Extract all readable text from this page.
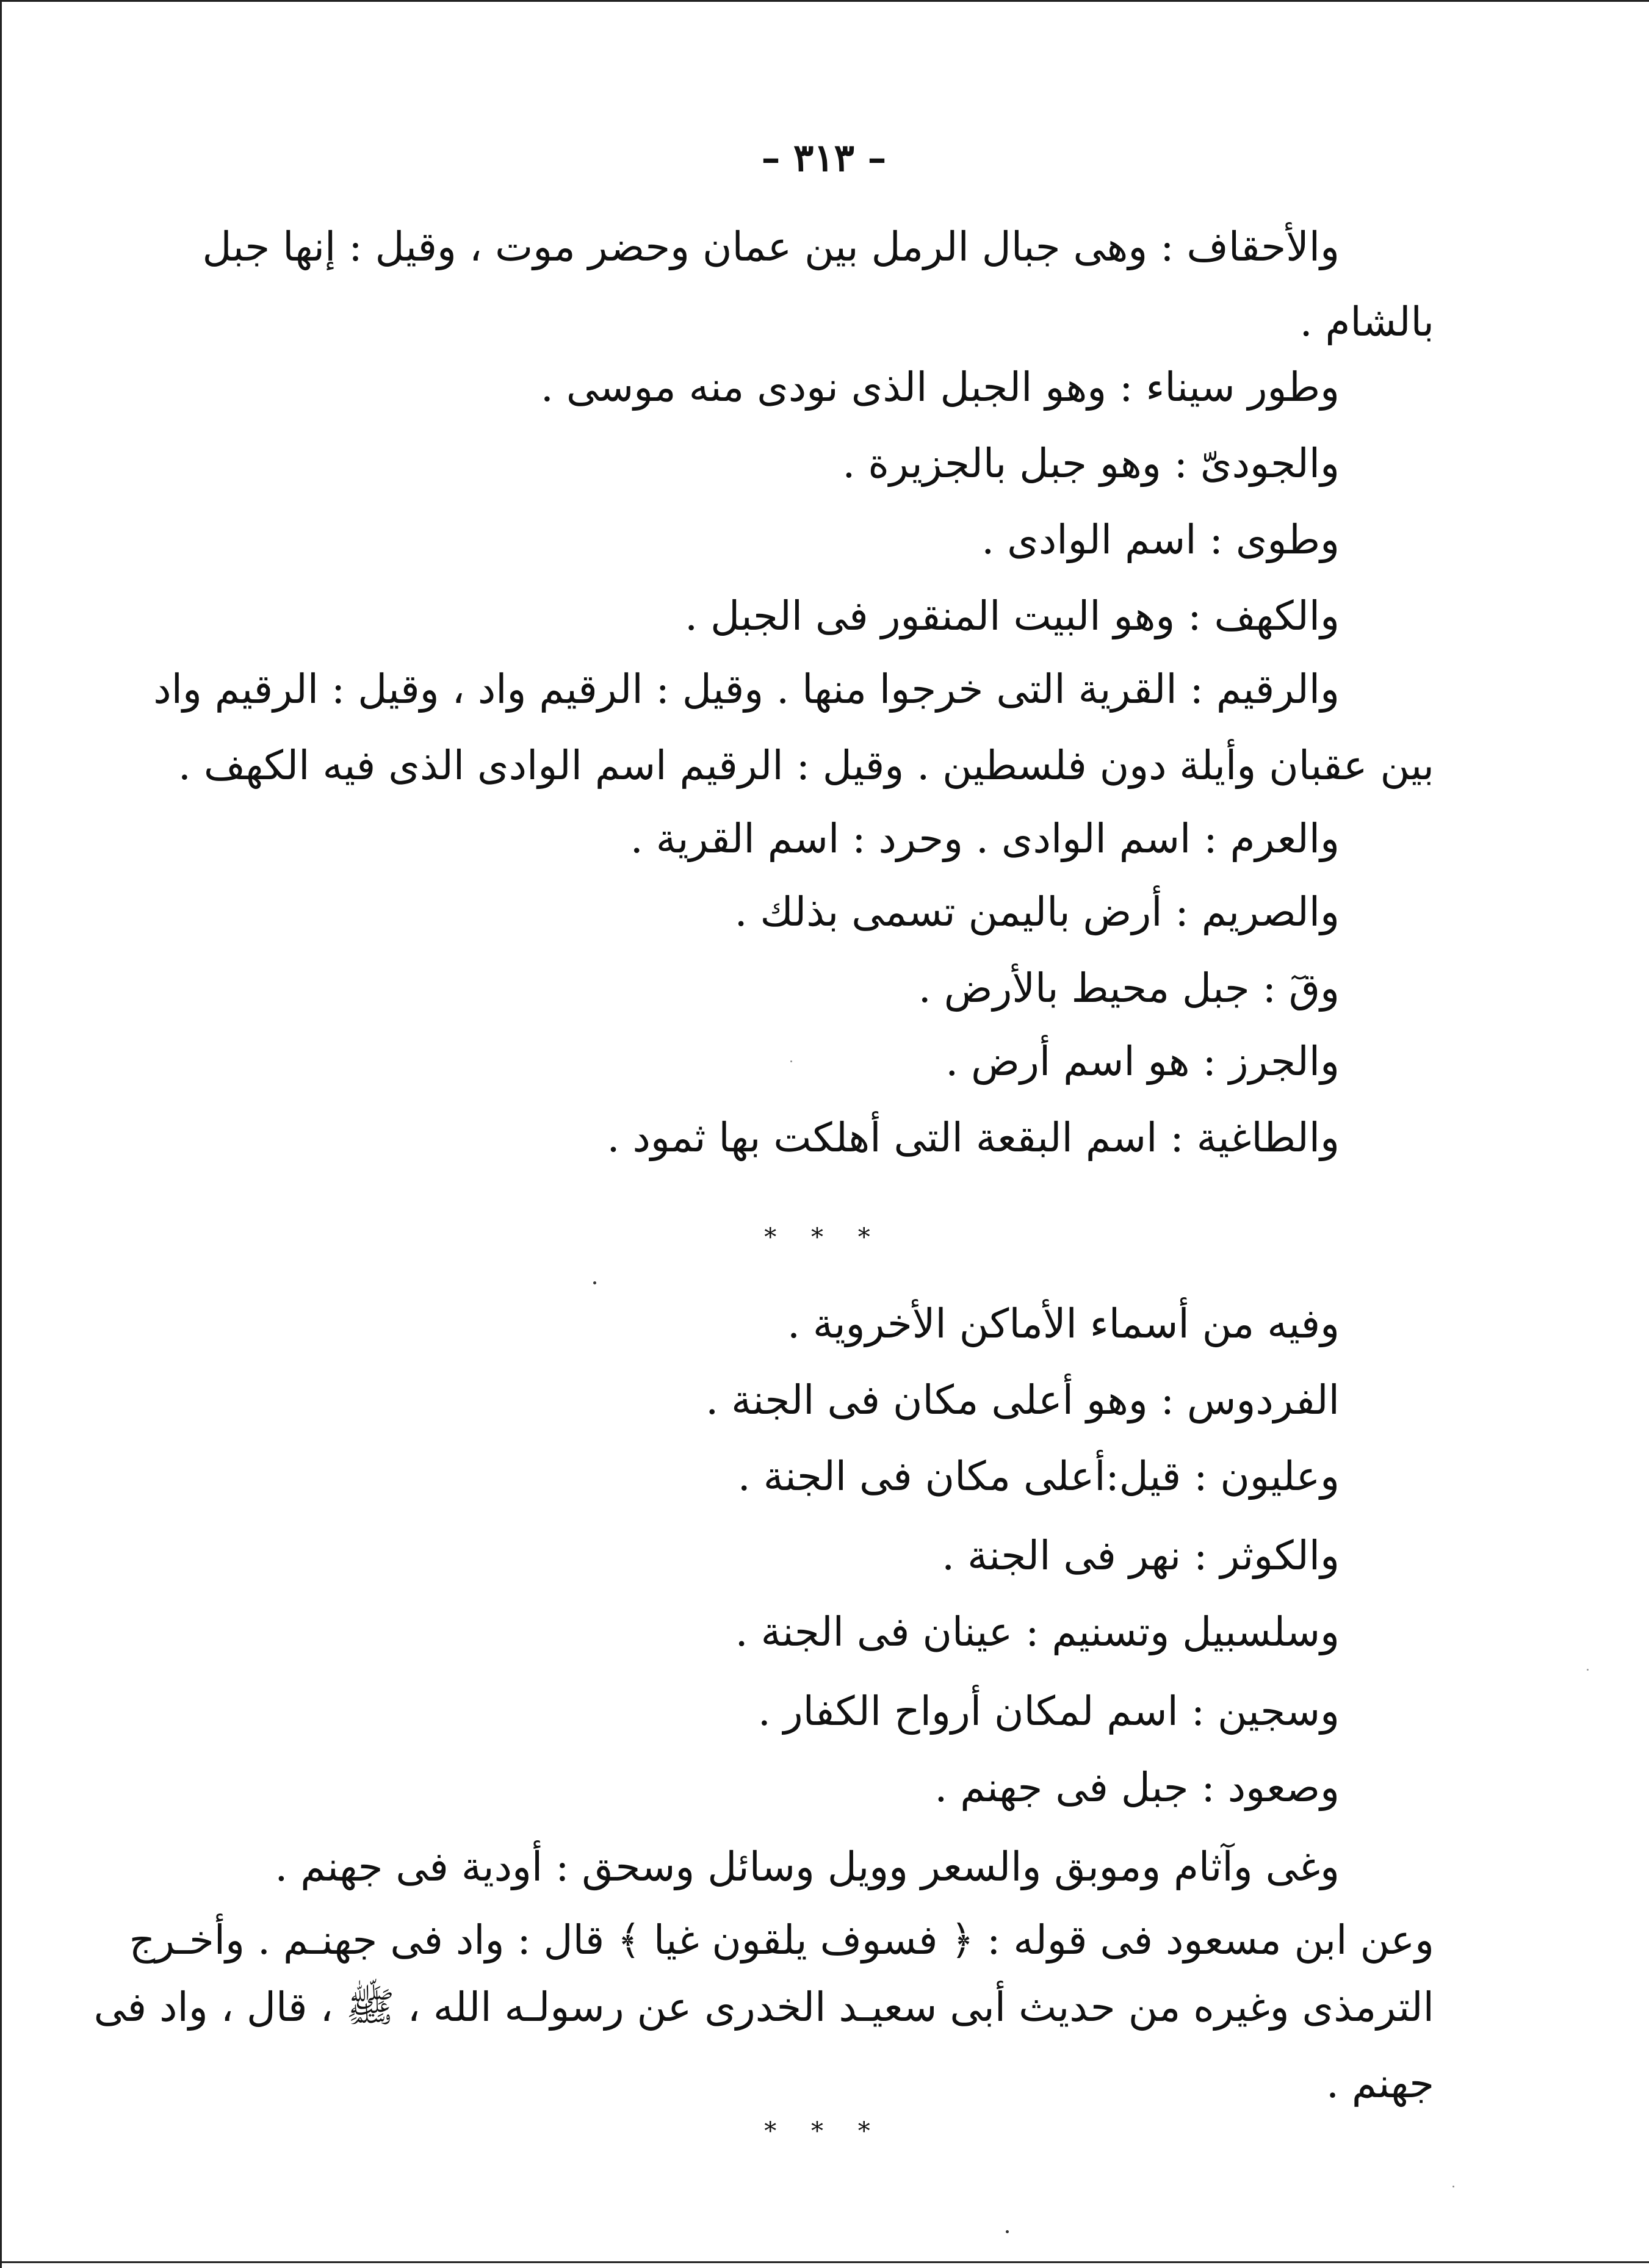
– ٣١٣ –
والأحقاف : وهى جبال الرمل بين عمان وحضر موت ، وقيل : إنها جبل
بالشام .
وطور سيناء : وهو الجبل الذى نودى منه موسى .
والجودىّ : وهو جبل بالجزيرة .
وطوى : اسم الوادى .
والكهف : وهو البيت المنقور فى الجبل .
والرقيم : القرية التى خرجوا منها . وقيل : الرقيم واد ، وقيل : الرقيم واد
بين عقبان وأيلة دون فلسطين . وقيل : الرقيم اسم الوادى الذى فيه الكهف .
والعرم : اسم الوادى . وحرد : اسم القرية .
والصريم : أرض باليمن تسمى بذلك .
وقٓ : جبل محيط بالأرض .
والجرز : هو اسم أرض .
والطاغية : اسم البقعة التى أهلكت بها ثمود .
* * *
وفيه من أسماء الأماكن الأخروية .
الفردوس : وهو أعلى مكان فى الجنة .
وعليون : قيل:أعلى مكان فى الجنة .
والكوثر : نهر فى الجنة .
وسلسبيل وتسنيم : عينان فى الجنة .
وسجين : اسم لمكان أرواح الكفار .
وصعود : جبل فى جهنم .
وغى وآثام وموبق والسعر وويل وسائل وسحق : أودية فى جهنم .
وعن ابن مسعود فى قوله : ﴿ فسوف يلقون غيا ﴾ قال : واد فى جهنـم . وأخـرج
الترمذى وغيره من حديث أبى سعيـد الخدرى عن رسولـه الله ، ﷺ ، قال ، واد فى
جهنم .
* * *
